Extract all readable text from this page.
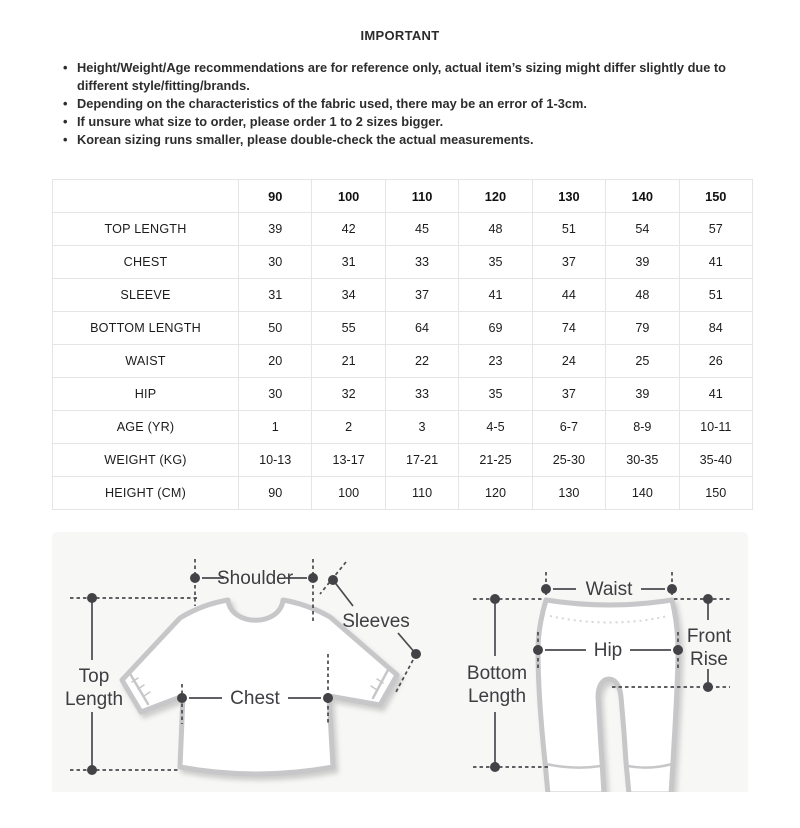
IMPORTANT
• Height/Weight/Age recommendations are for reference only, actual item’s sizing might differ slightly due to different style/fitting/brands.
• Depending on the characteristics of the fabric used, there may be an error of 1-3cm.
• If unsure what size to order, please order 1 to 2 sizes bigger.
• Korean sizing runs smaller, please double-check the actual measurements.
	90	100	110	120	130	140	150
TOP LENGTH	39	42	45	48	51	54	57
CHEST	30	31	33	35	37	39	41
SLEEVE	31	34	37	41	44	48	51
BOTTOM LENGTH	50	55	64	69	74	79	84
WAIST	20	21	22	23	24	25	26
HIP	30	32	33	35	37	39	41
AGE (YR)	1	2	3	4-5	6-7	8-9	10-11
WEIGHT (KG)	10-13	13-17	17-21	21-25	25-30	30-35	35-40
HEIGHT (CM)	90	100	110	120	130	140	150
Shoulder
Sleeves
Top
Length	Chest
Waist
Hip
Bottom
Length
Front
Rise
